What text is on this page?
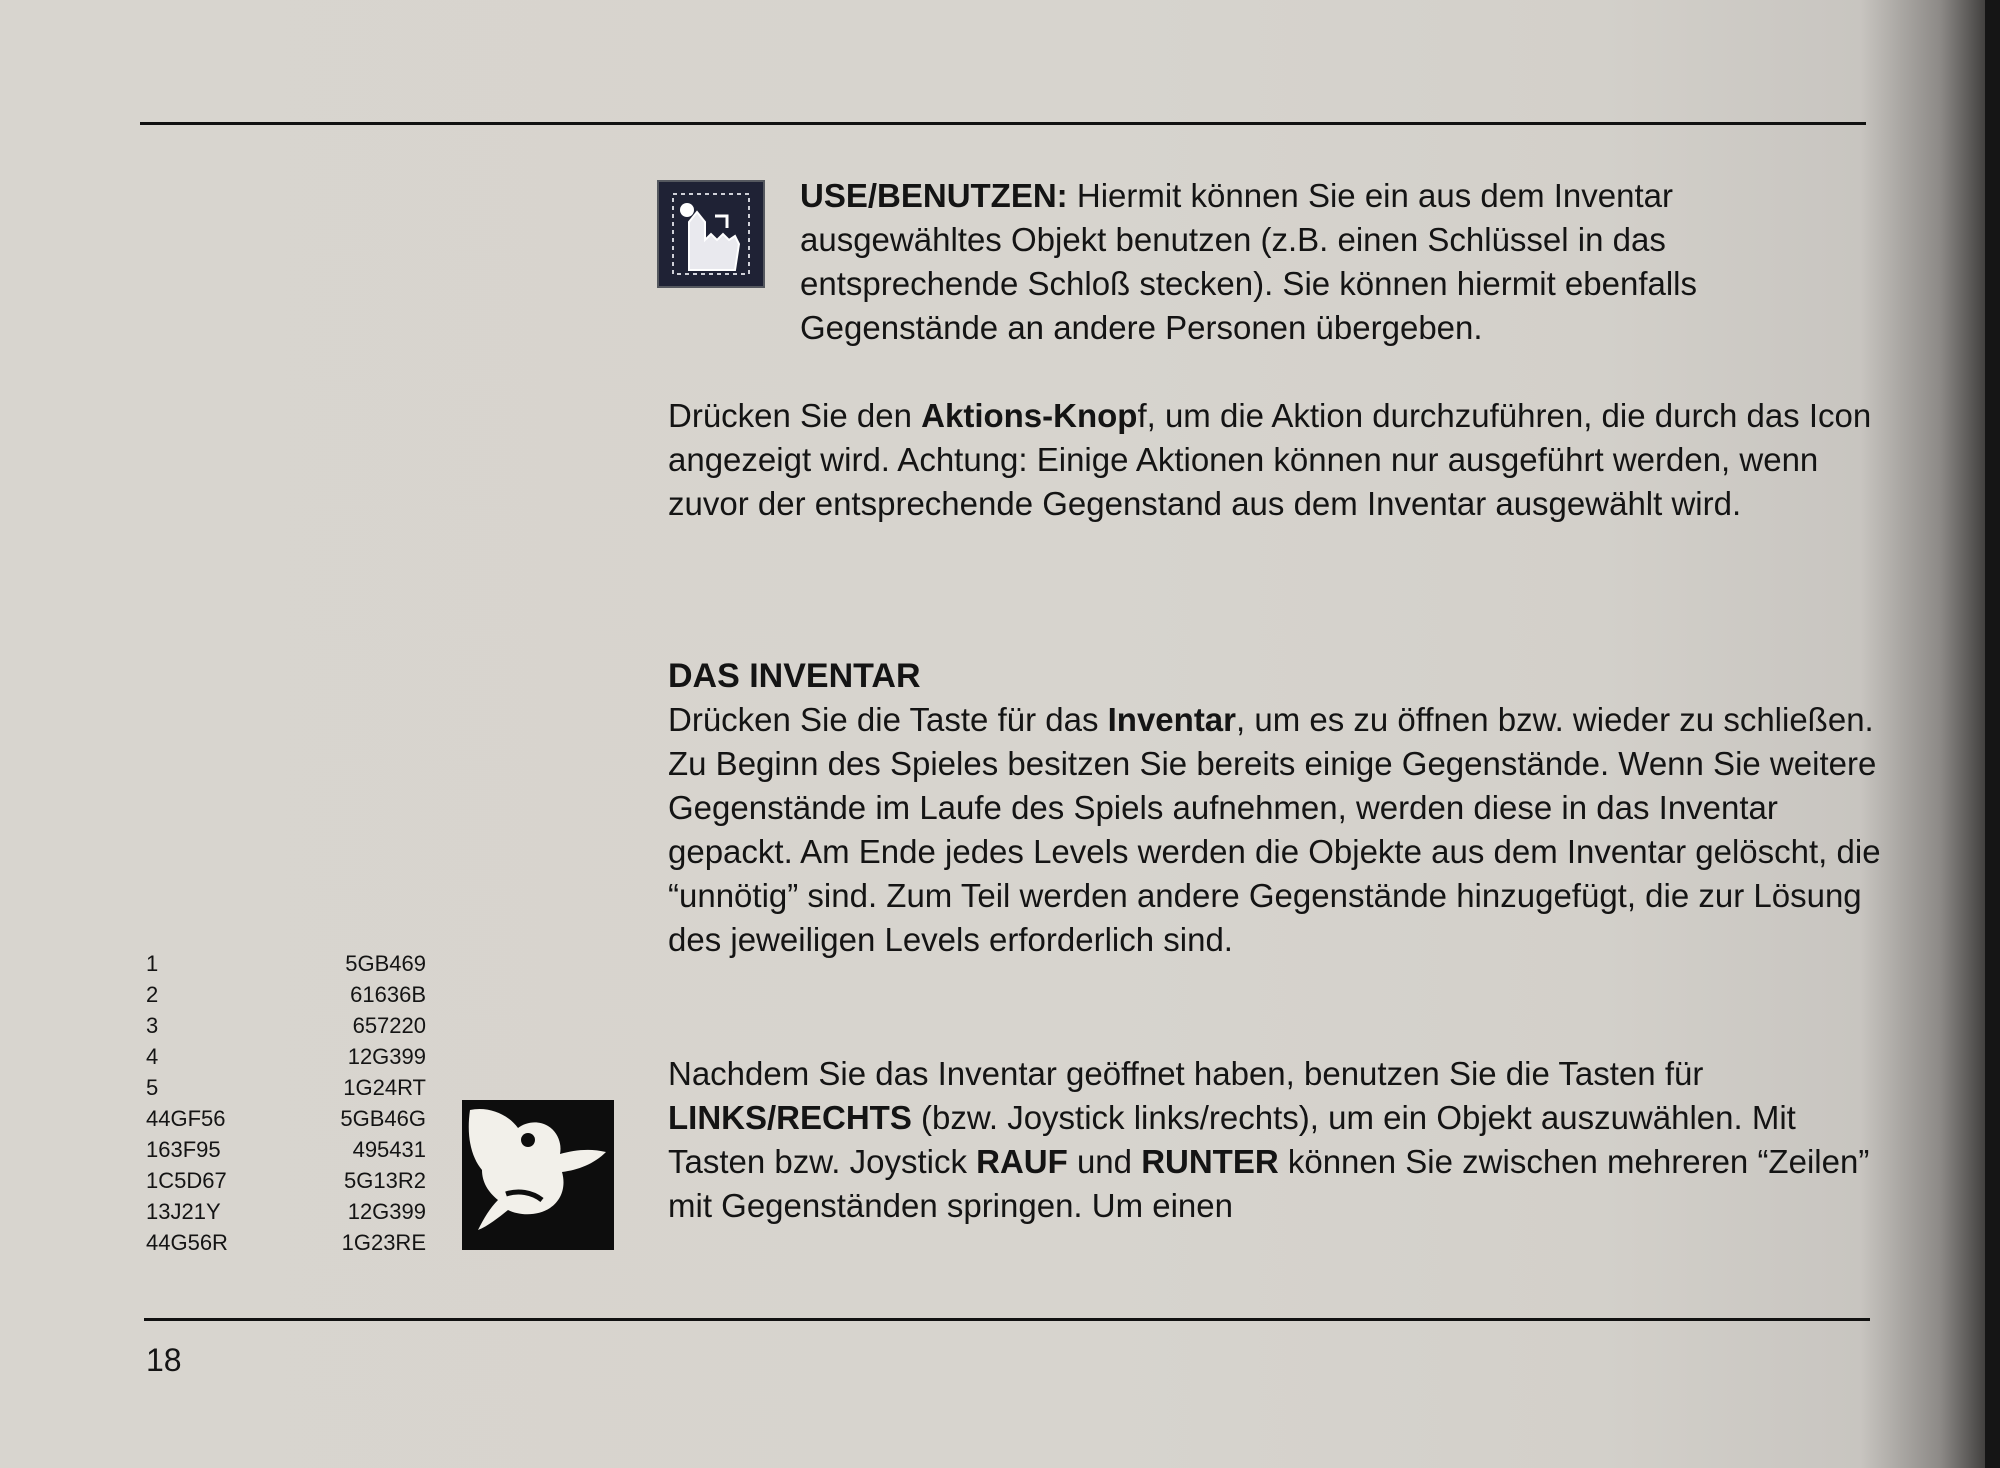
USE/BENUTZEN: Hiermit können Sie ein aus dem Inventar ausgewähltes Objekt benutzen (z.B. einen Schlüssel in das entsprechende Schloß stecken). Sie können hiermit ebenfalls Gegenstände an andere Personen übergeben.

Drücken Sie den Aktions-Knopf, um die Aktion durchzuführen, die durch das Icon angezeigt wird. Achtung: Einige Aktionen können nur ausgeführt werden, wenn zuvor der entsprechende Gegenstand aus dem Inventar ausgewählt wird.

DAS INVENTAR

Drücken Sie die Taste für das Inventar, um es zu öffnen bzw. wieder zu schließen. Zu Beginn des Spieles besitzen Sie bereits einige Gegenstände. Wenn Sie weitere Gegenstände im Laufe des Spiels aufnehmen, werden diese in das Inventar gepackt. Am Ende jedes Levels werden die Objekte aus dem Inventar gelöscht, die “unnötig” sind. Zum Teil werden andere Gegenstände hinzugefügt, die zur Lösung des jeweiligen Levels erforderlich sind.

Nachdem Sie das Inventar geöffnet haben, benutzen Sie die Tasten für LINKS/RECHTS (bzw. Joystick links/rechts), um ein Objekt auszuwählen. Mit Tasten bzw. Joystick RAUF und RUNTER können Sie zwischen mehreren “Zeilen” mit Gegenständen springen. Um einen

1	5GB469
2	61636B
3	657220
4	12G399
5	1G24RT
44GF56	5GB46G
163F95	495431
1C5D67	5G13R2
13J21Y	12G399
44G56R	1G23RE
18
